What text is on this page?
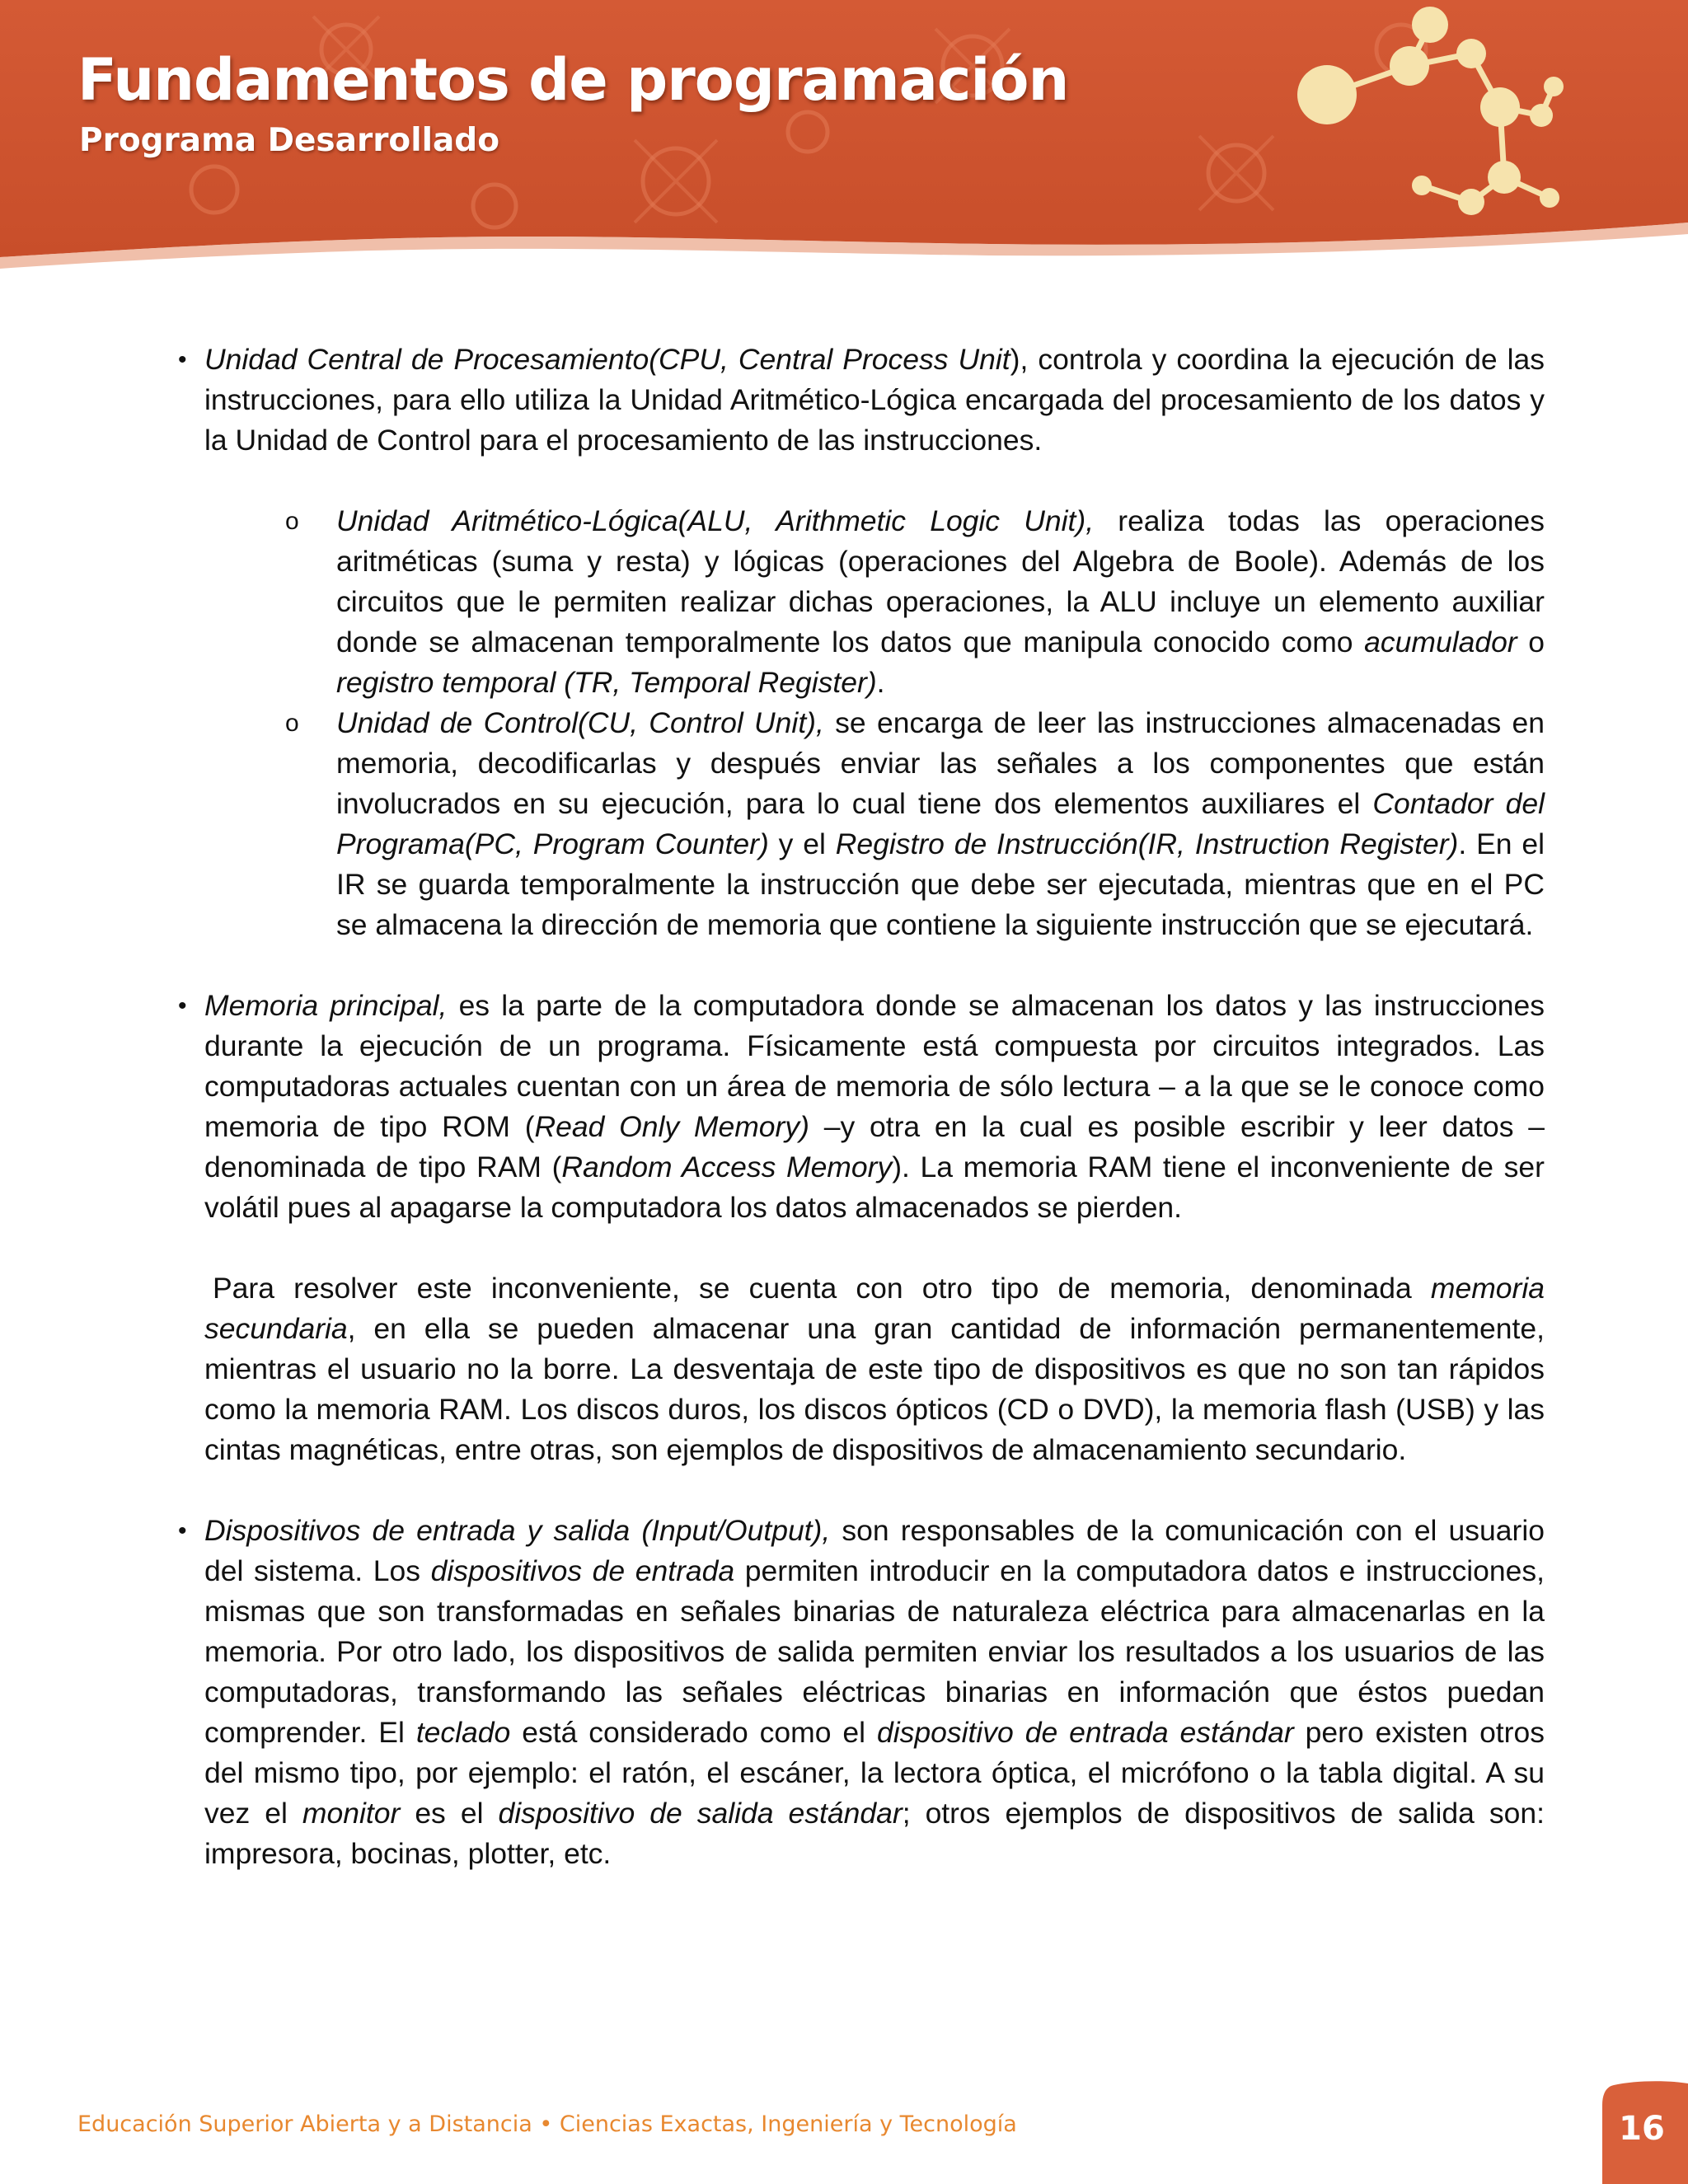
Fundamentos de programación
Programa Desarrollado
• Unidad Central de Procesamiento(CPU, Central Process Unit), controla y coordina la ejecución de las instrucciones, para ello utiliza la Unidad Aritmético-Lógica encargada del procesamiento de los datos y la Unidad de Control para el procesamiento de las instrucciones.
o Unidad Aritmético-Lógica(ALU, Arithmetic Logic Unit), realiza todas las operaciones aritméticas (suma y resta) y lógicas (operaciones del Algebra de Boole). Además de los circuitos que le permiten realizar dichas operaciones, la ALU incluye un elemento auxiliar donde se almacenan temporalmente los datos que manipula conocido como acumulador o registro temporal (TR, Temporal Register).
o Unidad de Control(CU, Control Unit), se encarga de leer las instrucciones almacenadas en memoria, decodificarlas y después enviar las señales a los componentes que están involucrados en su ejecución, para lo cual tiene dos elementos auxiliares el Contador del Programa(PC, Program Counter) y el Registro de Instrucción(IR, Instruction Register). En el IR se guarda temporalmente la instrucción que debe ser ejecutada, mientras que en el PC se almacena la dirección de memoria que contiene la siguiente instrucción que se ejecutará.
• Memoria principal, es la parte de la computadora donde se almacenan los datos y las instrucciones durante la ejecución de un programa. Físicamente está compuesta por circuitos integrados. Las computadoras actuales cuentan con un área de memoria de sólo lectura – a la que se le conoce como memoria de tipo ROM (Read Only Memory) –y otra en la cual es posible escribir y leer datos – denominada de tipo RAM (Random Access Memory). La memoria RAM tiene el inconveniente de ser volátil pues al apagarse la computadora los datos almacenados se pierden.
Para resolver este inconveniente, se cuenta con otro tipo de memoria, denominada memoria secundaria, en ella se pueden almacenar una gran cantidad de información permanentemente, mientras el usuario no la borre. La desventaja de este tipo de dispositivos es que no son tan rápidos como la memoria RAM. Los discos duros, los discos ópticos (CD o DVD), la memoria flash (USB) y las cintas magnéticas, entre otras, son ejemplos de dispositivos de almacenamiento secundario.
• Dispositivos de entrada y salida (Input/Output), son responsables de la comunicación con el usuario del sistema. Los dispositivos de entrada permiten introducir en la computadora datos e instrucciones, mismas que son transformadas en señales binarias de naturaleza eléctrica para almacenarlas en la memoria. Por otro lado, los dispositivos de salida permiten enviar los resultados a los usuarios de las computadoras, transformando las señales eléctricas binarias en información que éstos puedan comprender. El teclado está considerado como el dispositivo de entrada estándar pero existen otros del mismo tipo, por ejemplo: el ratón, el escáner, la lectora óptica, el micrófono o la tabla digital. A su vez el monitor es el dispositivo de salida estándar; otros ejemplos de dispositivos de salida son: impresora, bocinas, plotter, etc.
Educación Superior Abierta y a Distancia • Ciencias Exactas, Ingeniería y Tecnología	16
